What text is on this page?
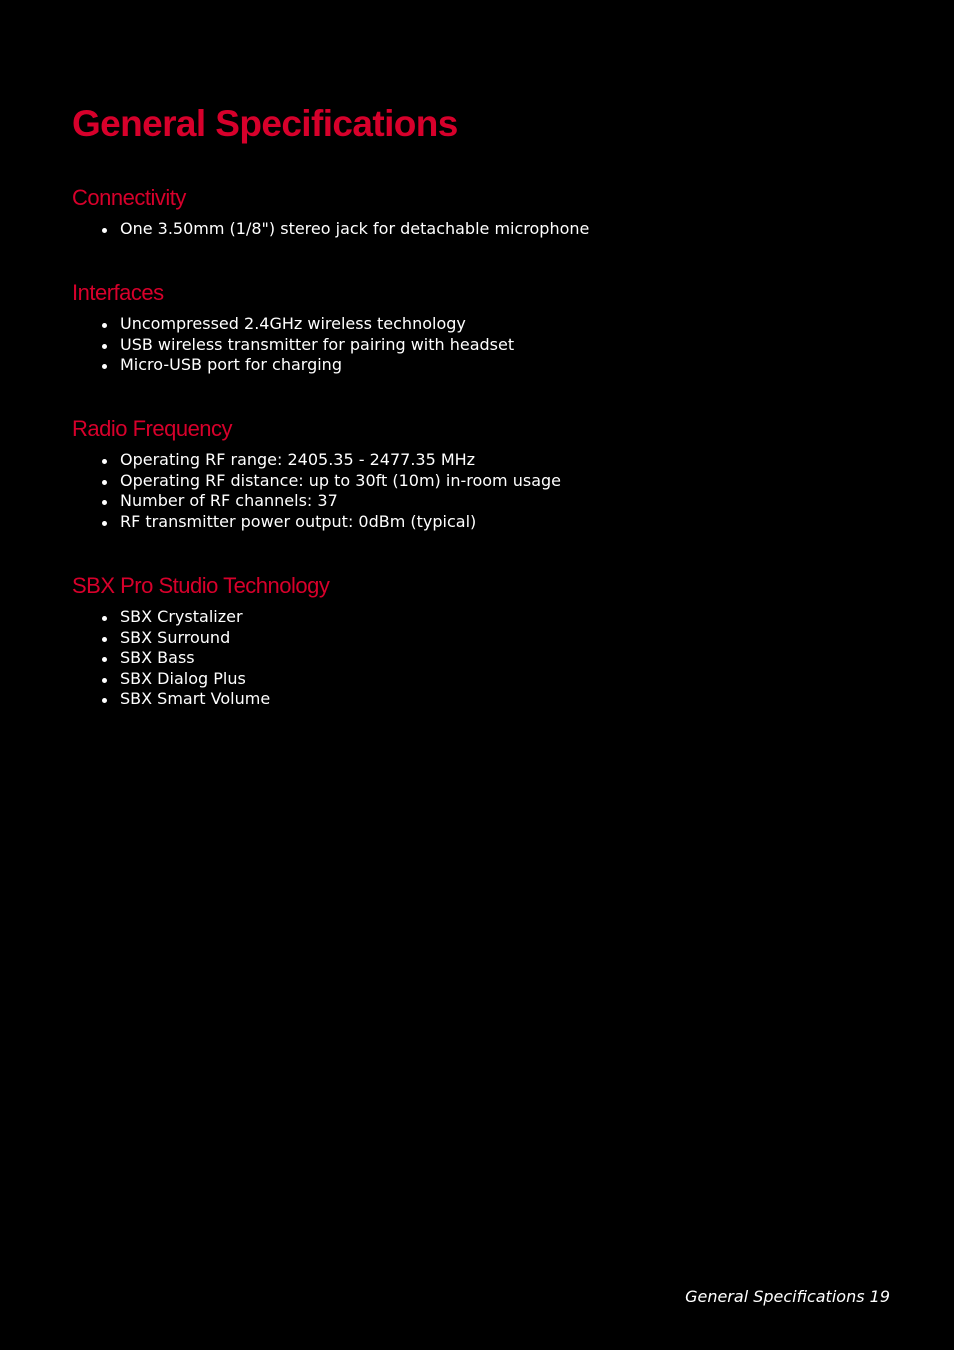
General Specifications
Connectivity
One 3.50mm (1/8") stereo jack for detachable microphone
Interfaces
Uncompressed 2.4GHz wireless technology
USB wireless transmitter for pairing with headset
Micro-USB port for charging
Radio Frequency
Operating RF range: 2405.35 - 2477.35 MHz
Operating RF distance: up to 30ft (10m) in-room usage
Number of RF channels: 37
RF transmitter power output: 0dBm (typical)
SBX Pro Studio Technology
SBX Crystalizer
SBX Surround
SBX Bass
SBX Dialog Plus
SBX Smart Volume
General Specifications 19
